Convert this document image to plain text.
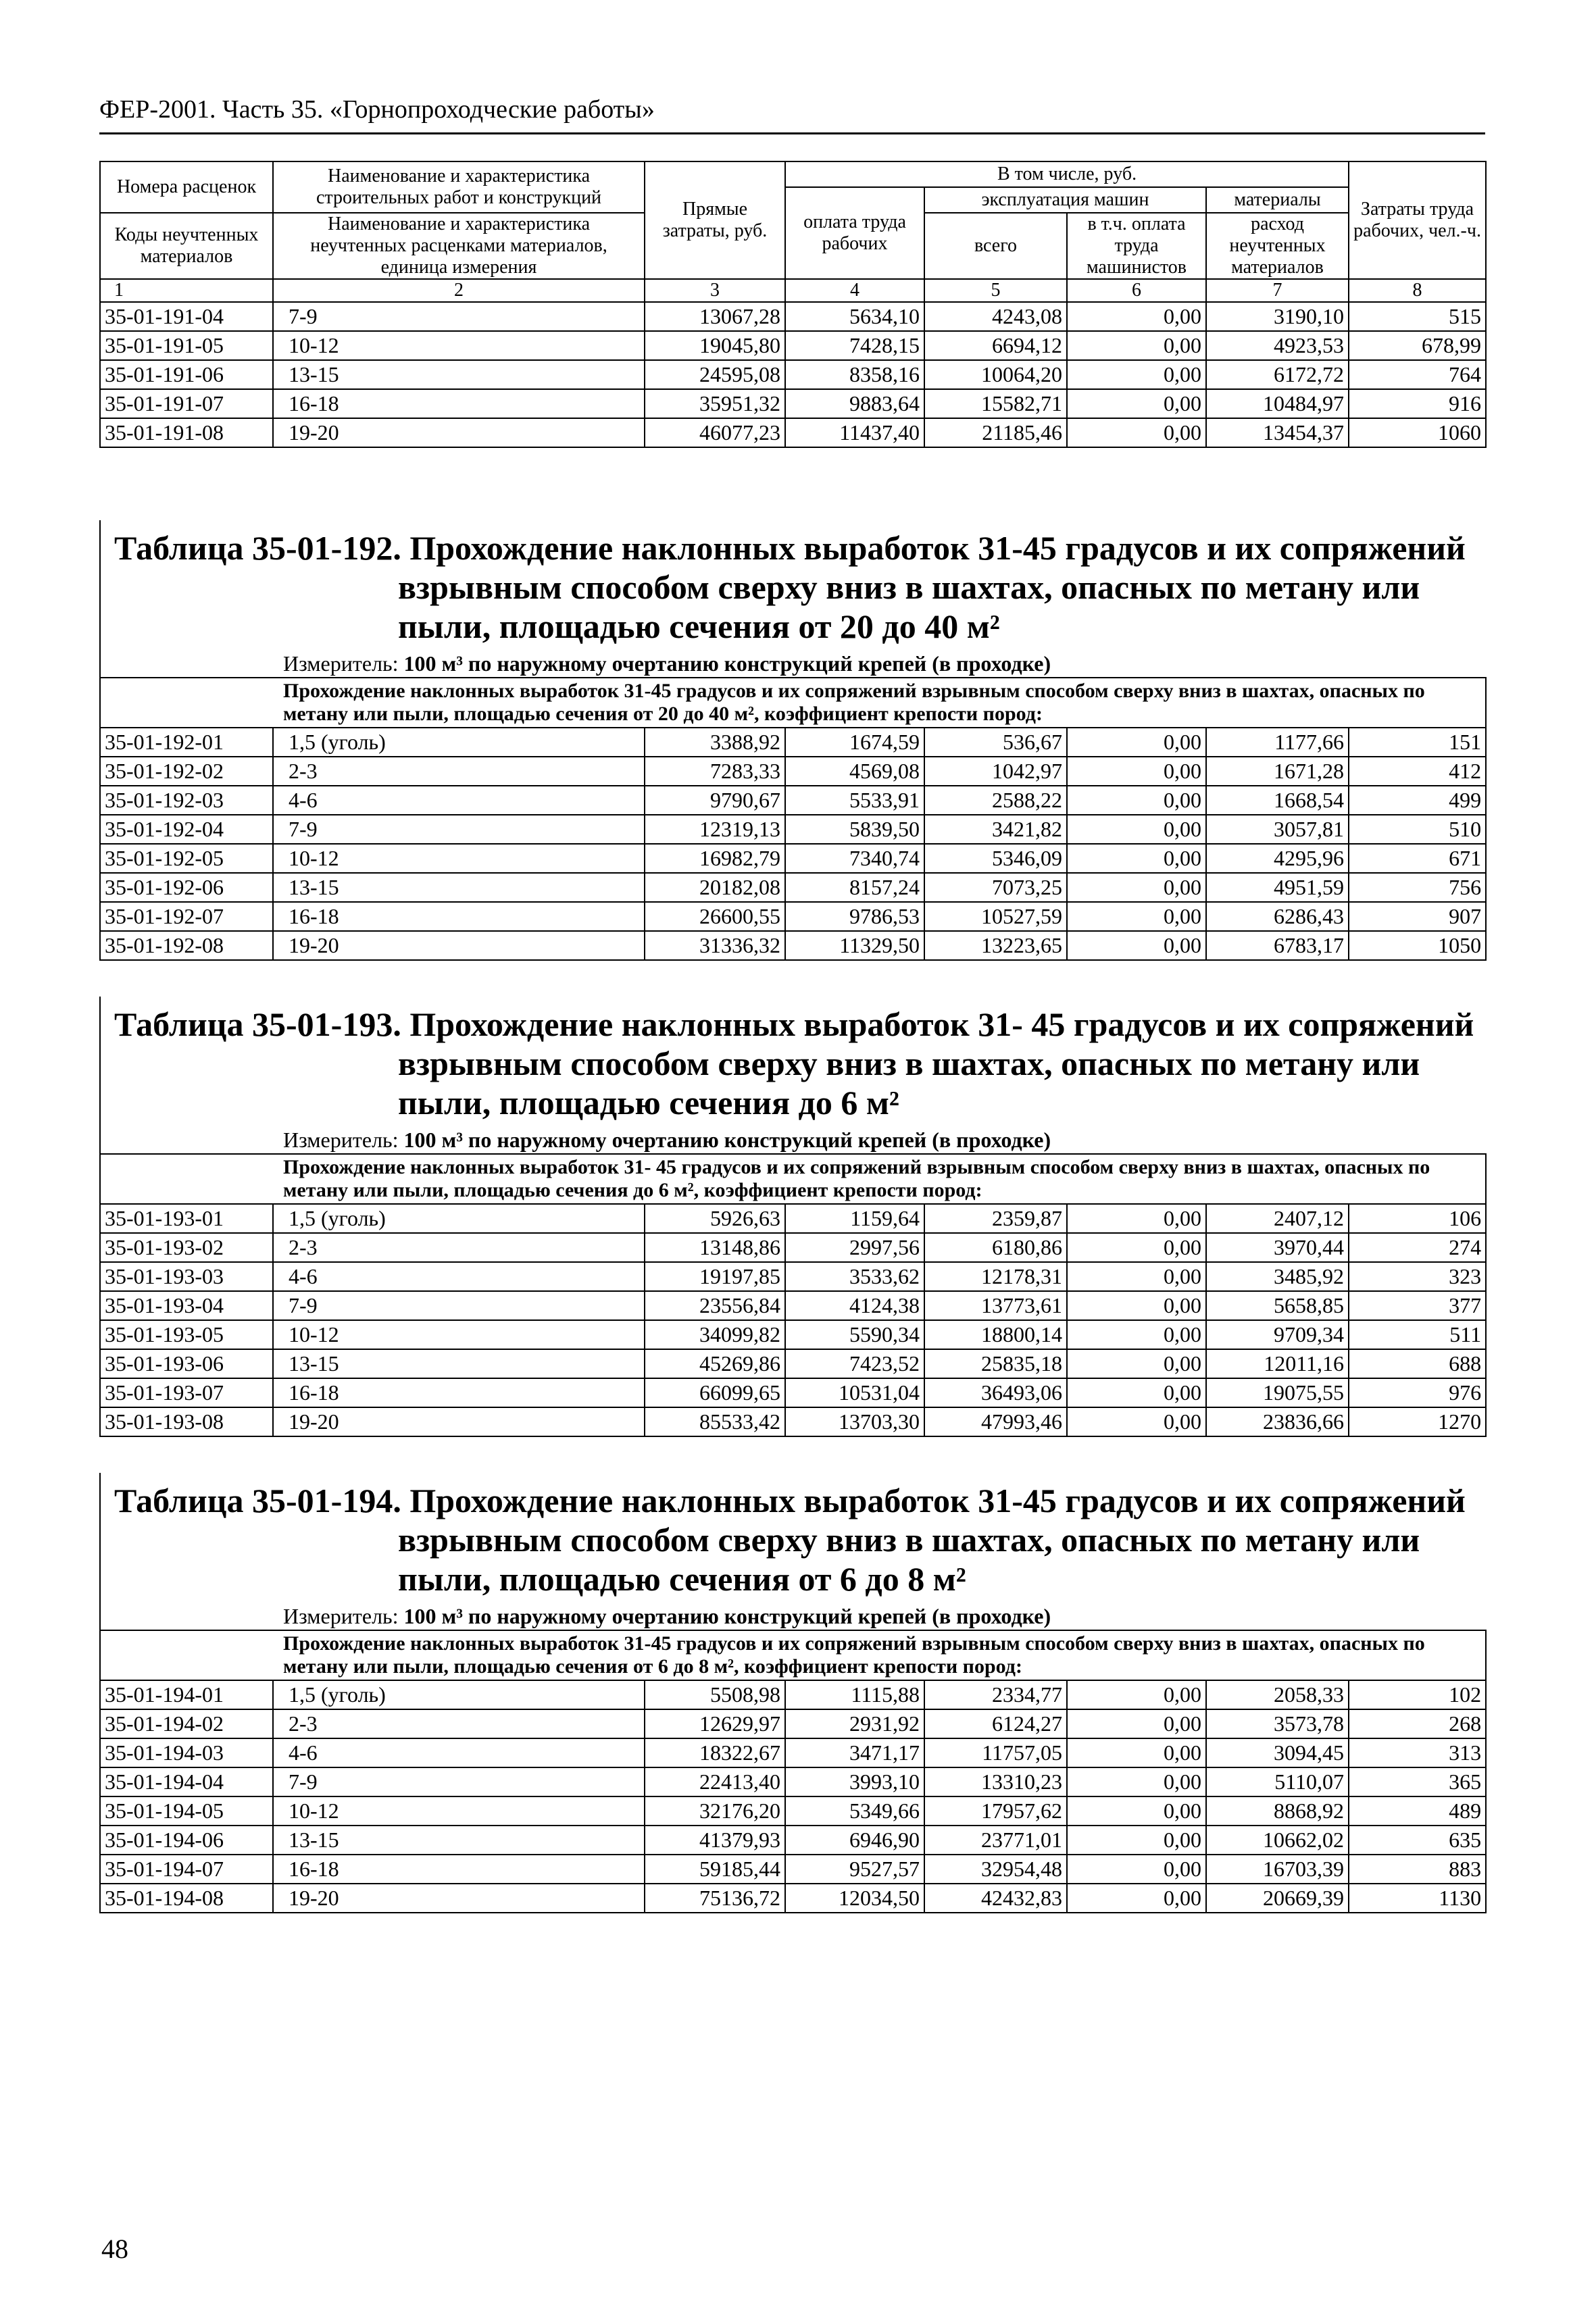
ФЕР-2001. Часть 35. «Горнопроходческие работы»
Номера расценок	Наименование и характеристика строительных работ и конструкций	Прямые затраты, руб.	В том числе, руб.				Затраты труда рабочих, чел.-ч.
			оплата труда рабочих	эксплуатация машин		материалы	
Коды неучтенных материалов	Наименование и характеристика неучтенных расценками материалов, единица измерения			всего	в т.ч. оплата труда машинистов	расход неучтенных материалов	

1	2	3	4	5	6	7	8
35-01-191-04	7-9	13067,28	5634,10	4243,08	0,00	3190,10	515
35-01-191-05	10-12	19045,80	7428,15	6694,12	0,00	4923,53	678,99
35-01-191-06	13-15	24595,08	8358,16	10064,20	0,00	6172,72	764
35-01-191-07	16-18	35951,32	9883,64	15582,71	0,00	10484,97	916
35-01-191-08	19-20	46077,23	11437,40	21185,46	0,00	13454,37	1060
Таблица 35-01-192. Прохождение наклонных выработок 31-45 градусов и их сопряжений
взрывным способом сверху вниз в шахтах, опасных по метану или
пыли, площадью сечения от 20 до 40 м²
Измеритель: 100 м³ по наружному очертанию конструкций крепей (в проходке)
Прохождение наклонных выработок 31-45 градусов и их сопряжений взрывным способом сверху вниз в шахтах, опасных по метану или пыли, площадью сечения от 20 до 40 м², коэффициент крепости пород:							
35-01-192-01	1,5 (уголь)	3388,92	1674,59	536,67	0,00	1177,66	151
35-01-192-02	2-3	7283,33	4569,08	1042,97	0,00	1671,28	412
35-01-192-03	4-6	9790,67	5533,91	2588,22	0,00	1668,54	499
35-01-192-04	7-9	12319,13	5839,50	3421,82	0,00	3057,81	510
35-01-192-05	10-12	16982,79	7340,74	5346,09	0,00	4295,96	671
35-01-192-06	13-15	20182,08	8157,24	7073,25	0,00	4951,59	756
35-01-192-07	16-18	26600,55	9786,53	10527,59	0,00	6286,43	907
35-01-192-08	19-20	31336,32	11329,50	13223,65	0,00	6783,17	1050
Таблица 35-01-193. Прохождение наклонных выработок 31- 45 градусов и их сопряжений
взрывным способом сверху вниз в шахтах, опасных по метану или
пыли, площадью сечения до 6 м²
Измеритель: 100 м³ по наружному очертанию конструкций крепей (в проходке)
Прохождение наклонных выработок 31- 45 градусов и их сопряжений взрывным способом сверху вниз в шахтах, опасных по метану или пыли, площадью сечения до 6 м², коэффициент крепости пород:							
35-01-193-01	1,5 (уголь)	5926,63	1159,64	2359,87	0,00	2407,12	106
35-01-193-02	2-3	13148,86	2997,56	6180,86	0,00	3970,44	274
35-01-193-03	4-6	19197,85	3533,62	12178,31	0,00	3485,92	323
35-01-193-04	7-9	23556,84	4124,38	13773,61	0,00	5658,85	377
35-01-193-05	10-12	34099,82	5590,34	18800,14	0,00	9709,34	511
35-01-193-06	13-15	45269,86	7423,52	25835,18	0,00	12011,16	688
35-01-193-07	16-18	66099,65	10531,04	36493,06	0,00	19075,55	976
35-01-193-08	19-20	85533,42	13703,30	47993,46	0,00	23836,66	1270
Таблица 35-01-194. Прохождение наклонных выработок 31-45 градусов и их сопряжений
взрывным способом сверху вниз в шахтах, опасных по метану или
пыли, площадью сечения от 6 до 8 м²
Измеритель: 100 м³ по наружному очертанию конструкций крепей (в проходке)
Прохождение наклонных выработок 31-45 градусов и их сопряжений взрывным способом сверху вниз в шахтах, опасных по метану или пыли, площадью сечения от 6 до 8 м², коэффициент крепости пород:							
35-01-194-01	1,5 (уголь)	5508,98	1115,88	2334,77	0,00	2058,33	102
35-01-194-02	2-3	12629,97	2931,92	6124,27	0,00	3573,78	268
35-01-194-03	4-6	18322,67	3471,17	11757,05	0,00	3094,45	313
35-01-194-04	7-9	22413,40	3993,10	13310,23	0,00	5110,07	365
35-01-194-05	10-12	32176,20	5349,66	17957,62	0,00	8868,92	489
35-01-194-06	13-15	41379,93	6946,90	23771,01	0,00	10662,02	635
35-01-194-07	16-18	59185,44	9527,57	32954,48	0,00	16703,39	883
35-01-194-08	19-20	75136,72	12034,50	42432,83	0,00	20669,39	1130
48
